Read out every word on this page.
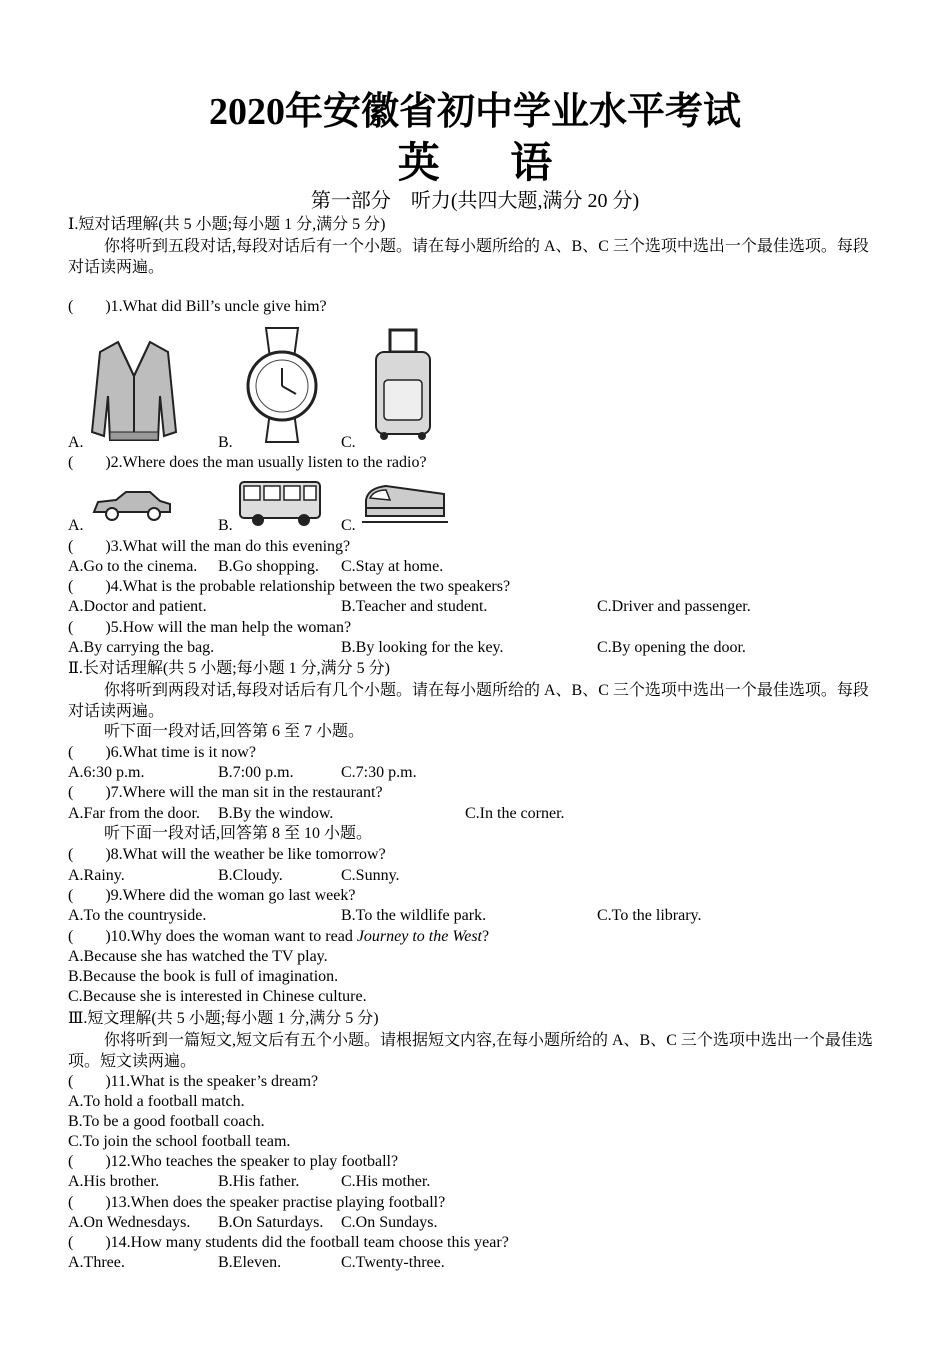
2020年安徽省初中学业水平考试
英 语
第一部分　听力(共四大题,满分 20 分)
Ⅰ.短对话理解(共 5 小题;每小题 1 分,满分 5 分)
你将听到五段对话,每段对话后有一个小题。请在每小题所给的 A、B、C 三个选项中选出一个最佳选项。每段对话读两遍。
(　　)1.What did Bill’s uncle give him?
A.	B.	C.
(　　)2.Where does the man usually listen to the radio?
A.	B.	C.
(　　)3.What will the man do this evening?
A.Go to the cinema. B.Go shopping. C.Stay at home.
(　　)4.What is the probable relationship between the two speakers?
A.Doctor and patient.	B.Teacher and student.	C.Driver and passenger.
(　　)5.How will the man help the woman?
A.By carrying the bag.	B.By looking for the key.	C.By opening the door.
Ⅱ.长对话理解(共 5 小题;每小题 1 分,满分 5 分)
你将听到两段对话,每段对话后有几个小题。请在每小题所给的 A、B、C 三个选项中选出一个最佳选项。每段对话读两遍。
听下面一段对话,回答第 6 至 7 小题。
(　　)6.What time is it now?
A.6:30 p.m.	B.7:00 p.m.	C.7:30 p.m.
(　　)7.Where will the man sit in the restaurant?
A.Far from the door. B.By the window.	C.In the corner.
听下面一段对话,回答第 8 至 10 小题。
(　　)8.What will the weather be like tomorrow?
A.Rainy.	B.Cloudy.	C.Sunny.
(　　)9.Where did the woman go last week?
A.To the countryside.	B.To the wildlife park.	C.To the library.
(　　)10.Why does the woman want to read Journey to the West?
A.Because she has watched the TV play.
B.Because the book is full of imagination.
C.Because she is interested in Chinese culture.
Ⅲ.短文理解(共 5 小题;每小题 1 分,满分 5 分)
你将听到一篇短文,短文后有五个小题。请根据短文内容,在每小题所给的 A、B、C 三个选项中选出一个最佳选项。短文读两遍。
(　　)11.What is the speaker’s dream?
A.To hold a football match.
B.To be a good football coach.
C.To join the school football team.
(　　)12.Who teaches the speaker to play football?
A.His brother.	B.His father.	C.His mother.
(　　)13.When does the speaker practise playing football?
A.On Wednesdays. B.On Saturdays. C.On Sundays.
(　　)14.How many students did the football team choose this year?
A.Three.	B.Eleven.	C.Twenty-three.
